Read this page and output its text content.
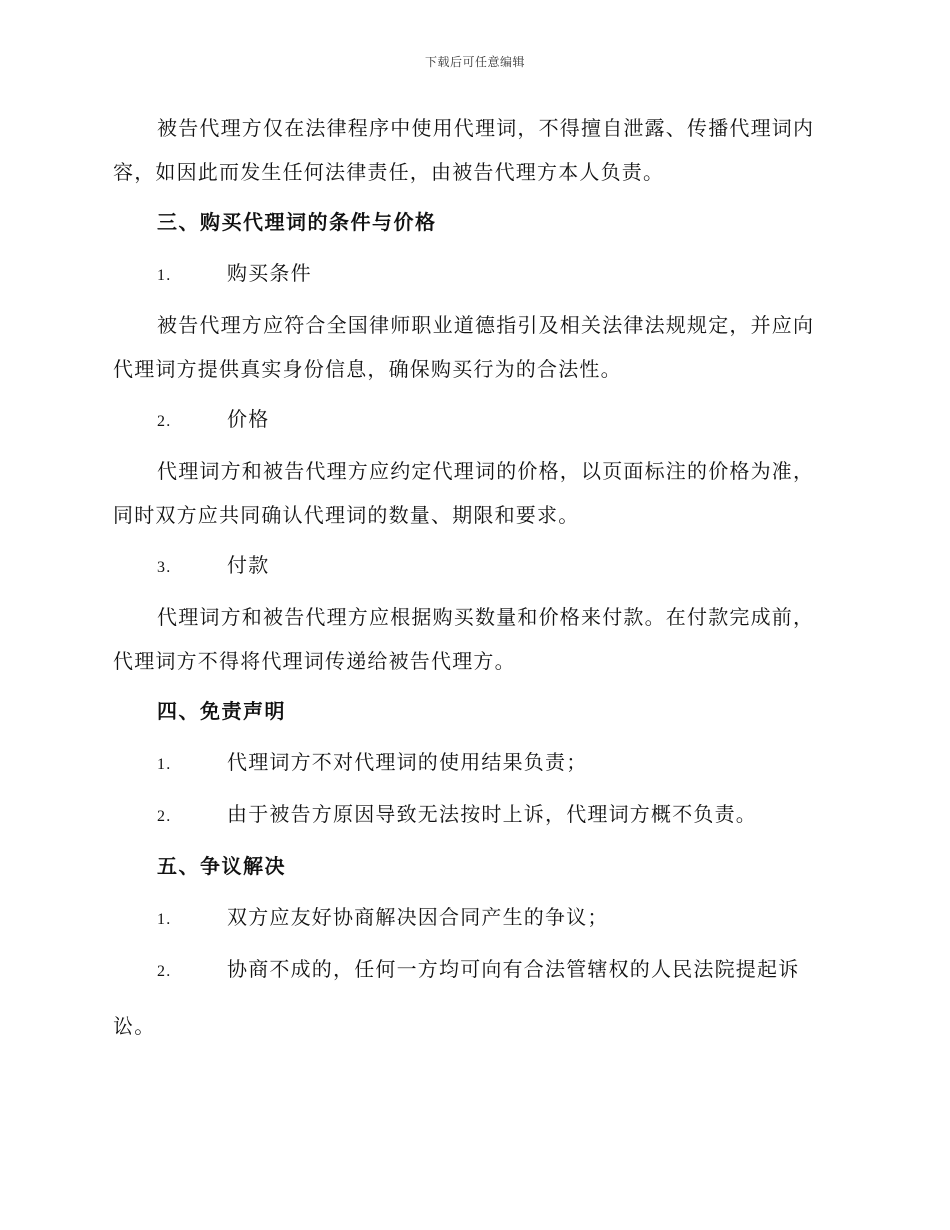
下载后可任意编辑

被告代理方仅在法律程序中使用代理词，不得擅自泄露、传播代理词内容，如因此而发生任何法律责任，由被告代理方本人负责。

三、购买代理词的条件与价格

1.	购买条件

被告代理方应符合全国律师职业道德指引及相关法律法规规定，并应向代理词方提供真实身份信息，确保购买行为的合法性。

2.	价格

代理词方和被告代理方应约定代理词的价格，以页面标注的价格为准，同时双方应共同确认代理词的数量、期限和要求。

3.	付款

代理词方和被告代理方应根据购买数量和价格来付款。在付款完成前，代理词方不得将代理词传递给被告代理方。

四、免责声明

1.	代理词方不对代理词的使用结果负责；

2.	由于被告方原因导致无法按时上诉，代理词方概不负责。

五、争议解决

1.	双方应友好协商解决因合同产生的争议；

2.	协商不成的，任何一方均可向有合法管辖权的人民法院提起诉讼。
